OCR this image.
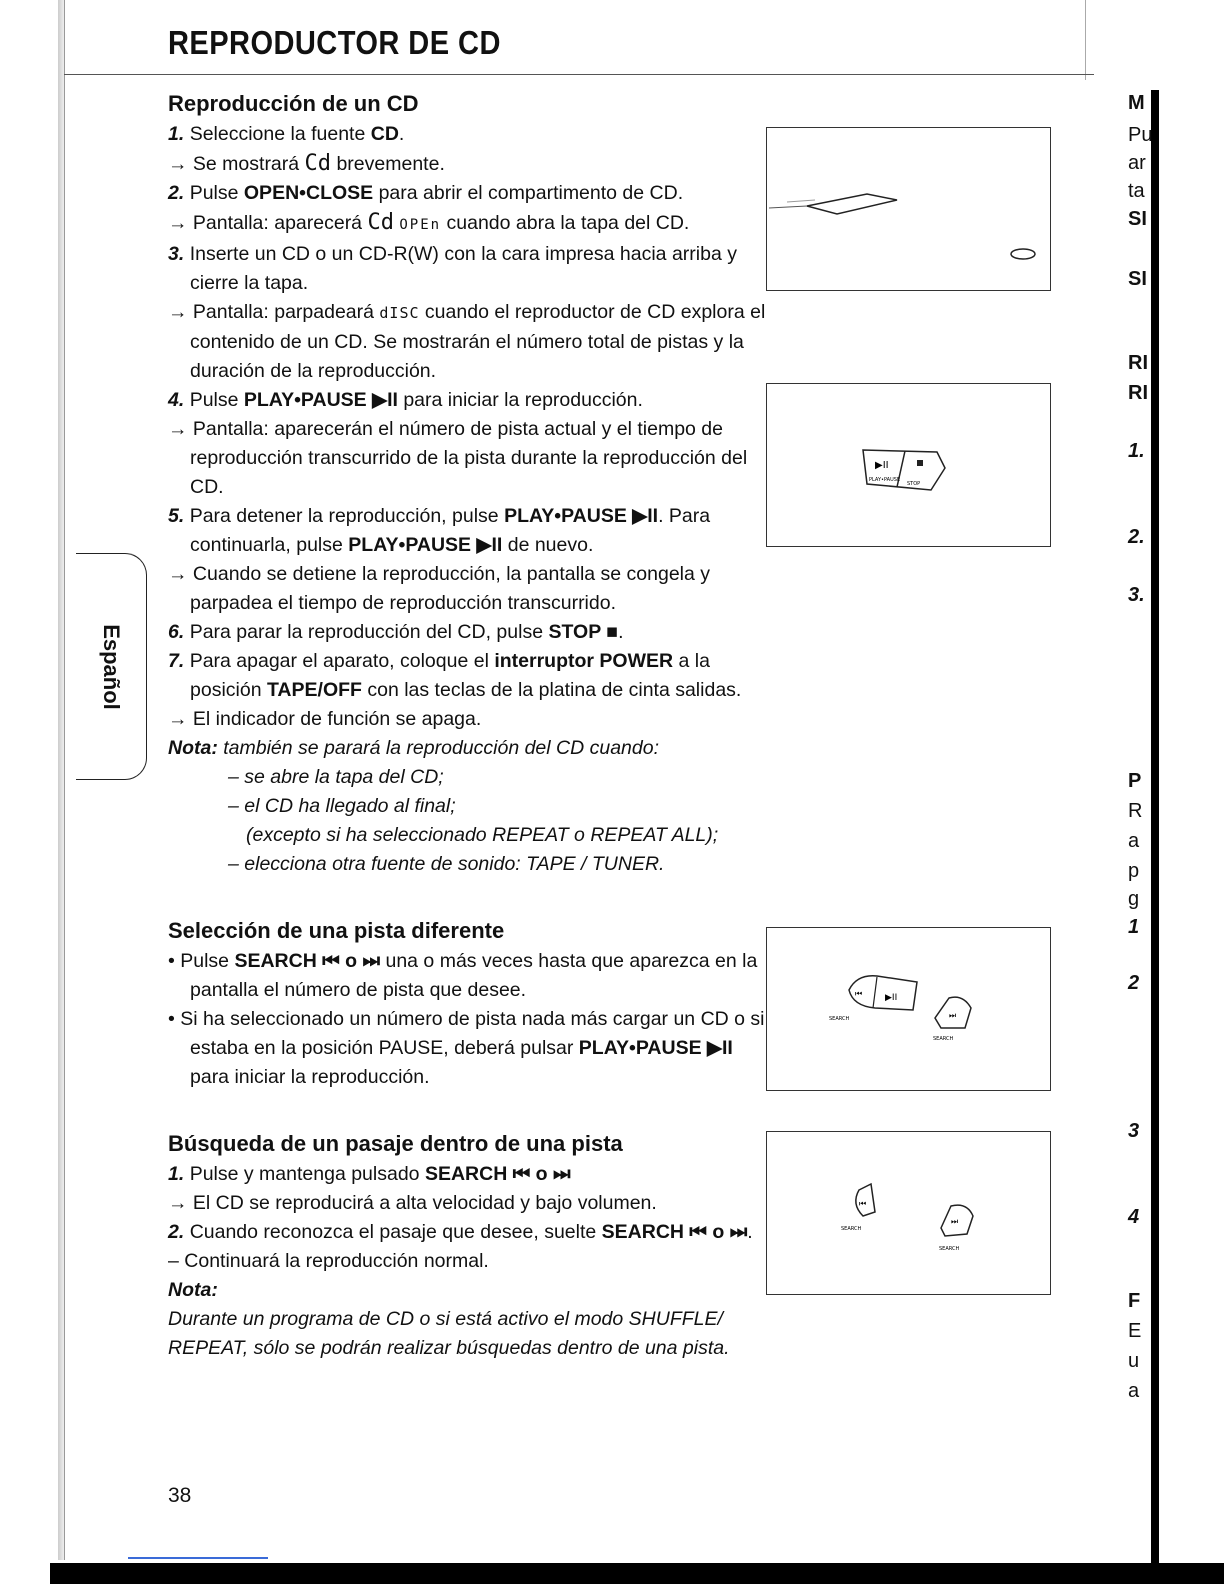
REPRODUCTOR DE CD
Español

Reproducción de un CD

1. Seleccione la fuente CD.

→ Se mostrará Cd brevemente.

2. Pulse OPEN•CLOSE para abrir el compartimento de CD.

→ Pantalla: aparecerá Cd OPEn cuando abra la tapa del CD.

3. Inserte un CD o un CD-R(W) con la cara impresa hacia arriba y cierre la tapa.

→ Pantalla: parpadeará dISC cuando el reproductor de CD explora el contenido de un CD. Se mostrarán el número total de pistas y la duración de la reproducción.

4. Pulse PLAY•PAUSE ▶II para iniciar la reproducción.

→ Pantalla: aparecerán el número de pista actual y el tiempo de reproducción transcurrido de la pista durante la reproducción del CD.

5. Para detener la reproducción, pulse PLAY•PAUSE ▶II. Para continuarla, pulse PLAY•PAUSE ▶II de nuevo.

→ Cuando se detiene la reproducción, la pantalla se congela y parpadea el tiempo de reproducción transcurrido.

6. Para parar la reproducción del CD, pulse STOP ■.

7. Para apagar el aparato, coloque el interruptor POWER a la posición TAPE/OFF con las teclas de la platina de cinta salidas.

→ El indicador de función se apaga.

Nota: también se parará la reproducción del CD cuando:

– se abre la tapa del CD;

– el CD ha llegado al final;

(excepto si ha seleccionado REPEAT o REPEAT ALL);

– elecciona otra fuente de sonido: TAPE / TUNER.

Selección de una pista diferente

• Pulse SEARCH ⏮ o ⏭ una o más veces hasta que aparezca en la pantalla el número de pista que desee.

• Si ha seleccionado un número de pista nada más cargar un CD o si estaba en la posición PAUSE, deberá pulsar PLAY•PAUSE ▶II para iniciar la reproducción.

Búsqueda de un pasaje dentro de una pista

1. Pulse y mantenga pulsado SEARCH ⏮ o ⏭

→ El CD se reproducirá a alta velocidad y bajo volumen.

2. Cuando reconozca el pasaje que desee, suelte SEARCH ⏮ o ⏭.

– Continuará la reproducción normal.

Nota:

Durante un programa de CD o si está activo el modo SHUFFLE/ REPEAT, sólo se podrán realizar búsquedas dentro de una pista.

▶II
PLAY•PAUSE
STOP
⏮	▶II
⏭
SEARCH
SEARCH
⏮
⏭
SEARCH
SEARCH
M
Pu
ar
ta
SI
SI
RI
RI
1.
2.
3.
P
R
a
p
g
1
2
3
4
F
E
u
a
38
